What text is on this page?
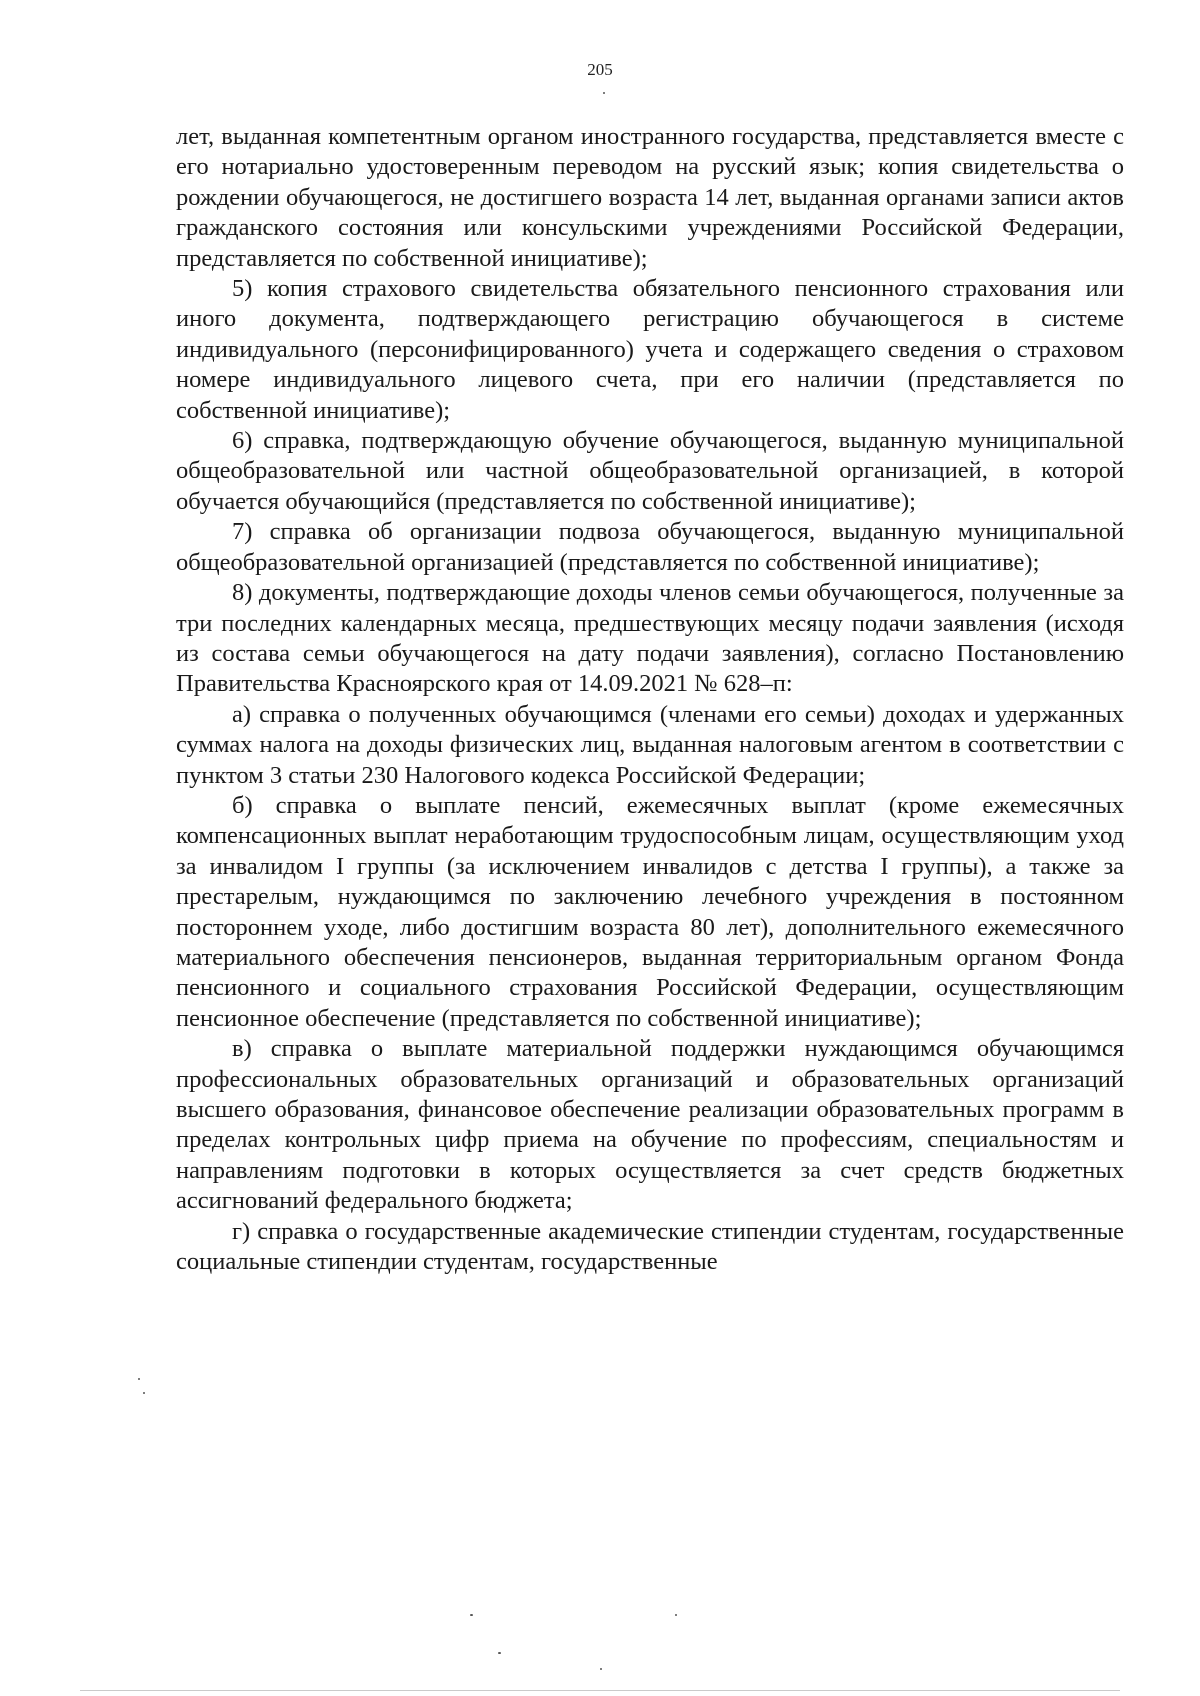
205

лет, выданная компетентным органом иностранного государства, представляется вместе с его нотариально удостоверенным переводом на русский язык; копия свидетельства о рождении обучающегося, не достигшего возраста 14 лет, выданная органами записи актов гражданского состояния или консульскими учреждениями Российской Федерации, представляется по собственной инициативе);

5) копия страхового свидетельства обязательного пенсионного страхования или иного документа, подтверждающего регистрацию обучающегося в системе индивидуального (персонифицированного) учета и содержащего сведения о страховом номере индивидуального лицевого счета, при его наличии (представляется по собственной инициативе);

6) справка, подтверждающую обучение обучающегося, выданную муниципальной общеобразовательной или частной общеобразовательной организацией, в которой обучается обучающийся (представляется по собственной инициативе);

7) справка об организации подвоза обучающегося, выданную муниципальной общеобразовательной организацией (представляется по собственной инициативе);

8) документы, подтверждающие доходы членов семьи обучающегося, полученные за три последних календарных месяца, предшествующих месяцу подачи заявления (исходя из состава семьи обучающегося на дату подачи заявления), согласно Постановлению Правительства Красноярского края от 14.09.2021 № 628–п:

а) справка о полученных обучающимся (членами его семьи) доходах и удержанных суммах налога на доходы физических лиц, выданная налоговым агентом в соответствии с пунктом 3 статьи 230 Налогового кодекса Российской Федерации;

б) справка о выплате пенсий, ежемесячных выплат (кроме ежемесячных компенсационных выплат неработающим трудоспособным лицам, осуществляющим уход за инвалидом I группы (за исключением инвалидов с детства I группы), а также за престарелым, нуждающимся по заключению лечебного учреждения в постоянном постороннем уходе, либо достигшим возраста 80 лет), дополнительного ежемесячного материального обеспечения пенсионеров, выданная территориальным органом Фонда пенсионного и социального страхования Российской Федерации, осуществляющим пенсионное обеспечение (представляется по собственной инициативе);

в) справка о выплате материальной поддержки нуждающимся обучающимся профессиональных образовательных организаций и образовательных организаций высшего образования, финансовое обеспечение реализации образовательных программ в пределах контрольных цифр приема на обучение по профессиям, специальностям и направлениям подготовки в которых осуществляется за счет средств бюджетных ассигнований федерального бюджета;

г) справка о государственные академические стипендии студентам, государственные социальные стипендии студентам, государственные
